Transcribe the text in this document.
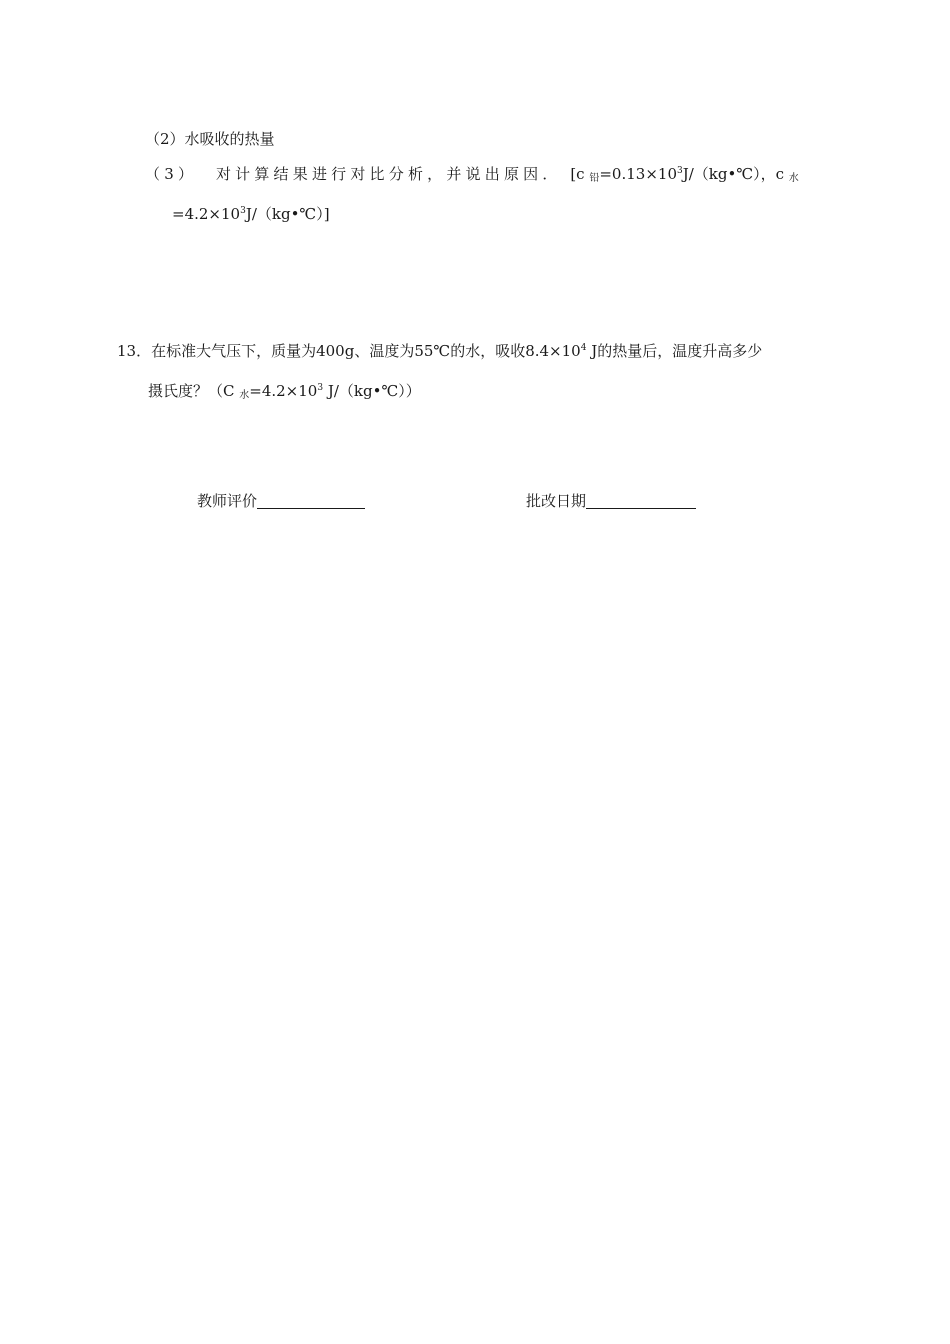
（2）水吸收的热量
（3） 对计算结果进行对比分析，并说出原因． [c $_铅=0.13\times 10^3J/(kg•℃)$，c $_水$
$=4.2\times 10^3J/(kg•℃)$]
13．在标准大气压下，质量为400g、温度为55℃的水，吸收$8.4\times 10^4$ J的热量后，温度升高多少
摄氏度？（C $_水=4.2\times 10^3$ J/（kg•℃））
教师评价	批改日期
